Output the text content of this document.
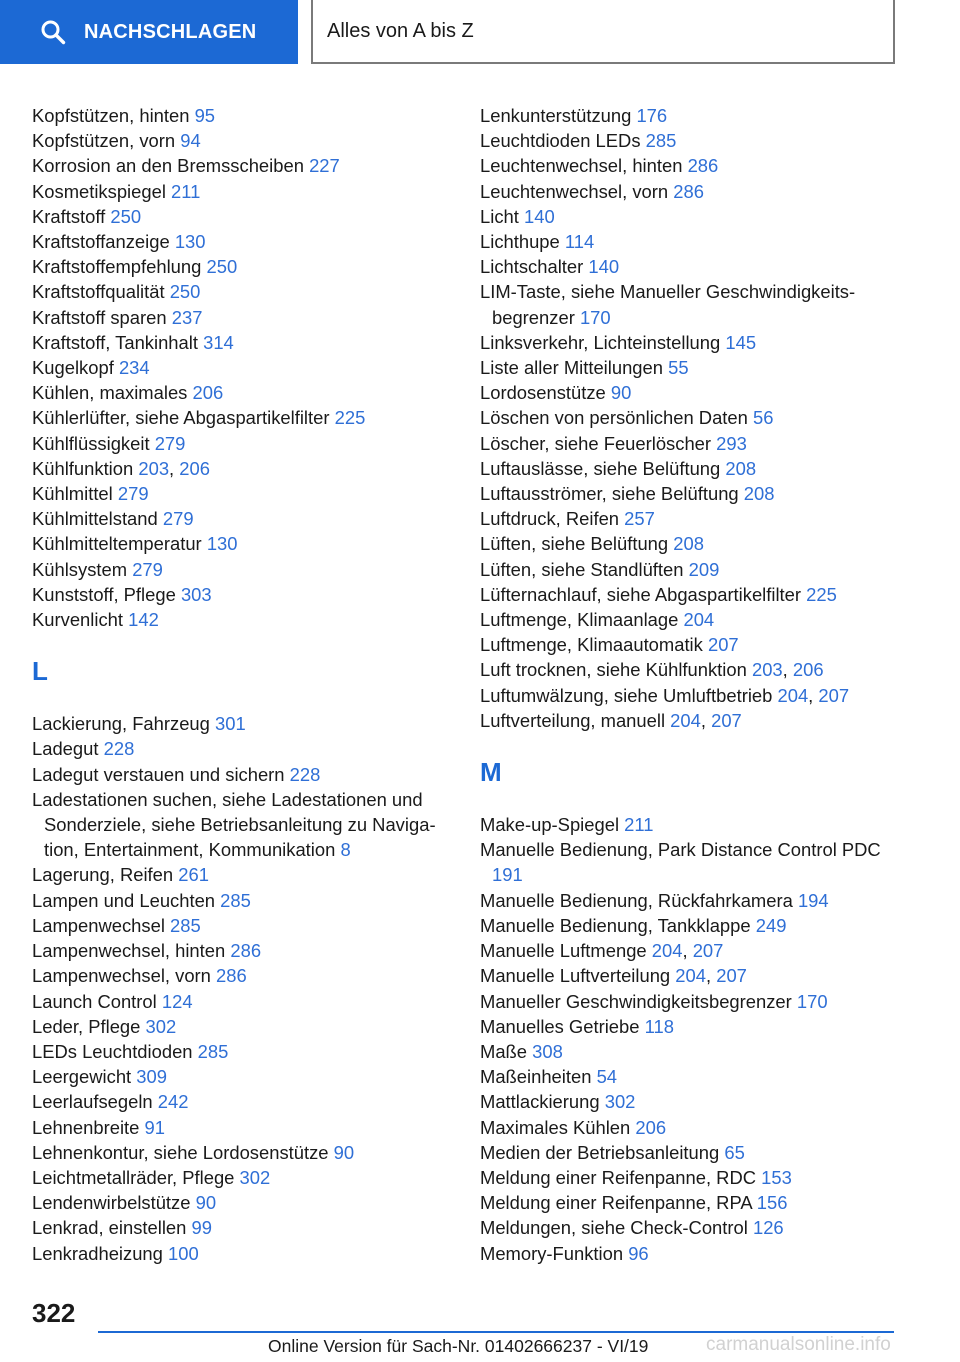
NACHSCHLAGEN	Alles von A bis Z
Kopfstützen, hinten 95
Kopfstützen, vorn 94
Korrosion an den Bremsscheiben 227
Kosmetikspiegel 211
Kraftstoff 250
Kraftstoffanzeige 130
Kraftstoffempfehlung 250
Kraftstoffqualität 250
Kraftstoff sparen 237
Kraftstoff, Tankinhalt 314
Kugelkopf 234
Kühlen, maximales 206
Kühlerlüfter, siehe Abgaspartikelfilter 225
Kühlflüssigkeit 279
Kühlfunktion 203, 206
Kühlmittel 279
Kühlmittelstand 279
Kühlmitteltemperatur 130
Kühlsystem 279
Kunststoff, Pflege 303
Kurvenlicht 142
L
Lackierung, Fahrzeug 301
Ladegut 228
Ladegut verstauen und sichern 228
Ladestationen suchen, siehe Ladestationen und Sonderziele, siehe Betriebsanleitung zu Navigation, Entertainment, Kommunikation 8
Lagerung, Reifen 261
Lampen und Leuchten 285
Lampenwechsel 285
Lampenwechsel, hinten 286
Lampenwechsel, vorn 286
Launch Control 124
Leder, Pflege 302
LEDs Leuchtdioden 285
Leergewicht 309
Leerlaufsegeln 242
Lehnenbreite 91
Lehnenkontur, siehe Lordosenstütze 90
Leichtmetallräder, Pflege 302
Lendenwirbelstütze 90
Lenkrad, einstellen 99
Lenkradheizung 100
Lenkunterstützung 176
Leuchtdioden LEDs 285
Leuchtenwechsel, hinten 286
Leuchtenwechsel, vorn 286
Licht 140
Lichthupe 114
Lichtschalter 140
LIM-Taste, siehe Manueller Geschwindigkeitsbegrenzer 170
Linksverkehr, Lichteinstellung 145
Liste aller Mitteilungen 55
Lordosenstütze 90
Löschen von persönlichen Daten 56
Löscher, siehe Feuerlöscher 293
Luftauslässe, siehe Belüftung 208
Luftausströmer, siehe Belüftung 208
Luftdruck, Reifen 257
Lüften, siehe Belüftung 208
Lüften, siehe Standlüften 209
Lüfternachlauf, siehe Abgaspartikelfilter 225
Luftmenge, Klimaanlage 204
Luftmenge, Klimaautomatik 207
Luft trocknen, siehe Kühlfunktion 203, 206
Luftumwälzung, siehe Umluftbetrieb 204, 207
Luftverteilung, manuell 204, 207
M
Make-up-Spiegel 211
Manuelle Bedienung, Park Distance Control PDC 191
Manuelle Bedienung, Rückfahrkamera 194
Manuelle Bedienung, Tankklappe 249
Manuelle Luftmenge 204, 207
Manuelle Luftverteilung 204, 207
Manueller Geschwindigkeitsbegrenzer 170
Manuelles Getriebe 118
Maße 308
Maßeinheiten 54
Mattlackierung 302
Maximales Kühlen 206
Medien der Betriebsanleitung 65
Meldung einer Reifenpanne, RDC 153
Meldung einer Reifenpanne, RPA 156
Meldungen, siehe Check-Control 126
Memory-Funktion 96
322
Online Version für Sach-Nr. 01402666237 - VI/19	carmanualsonline.info
